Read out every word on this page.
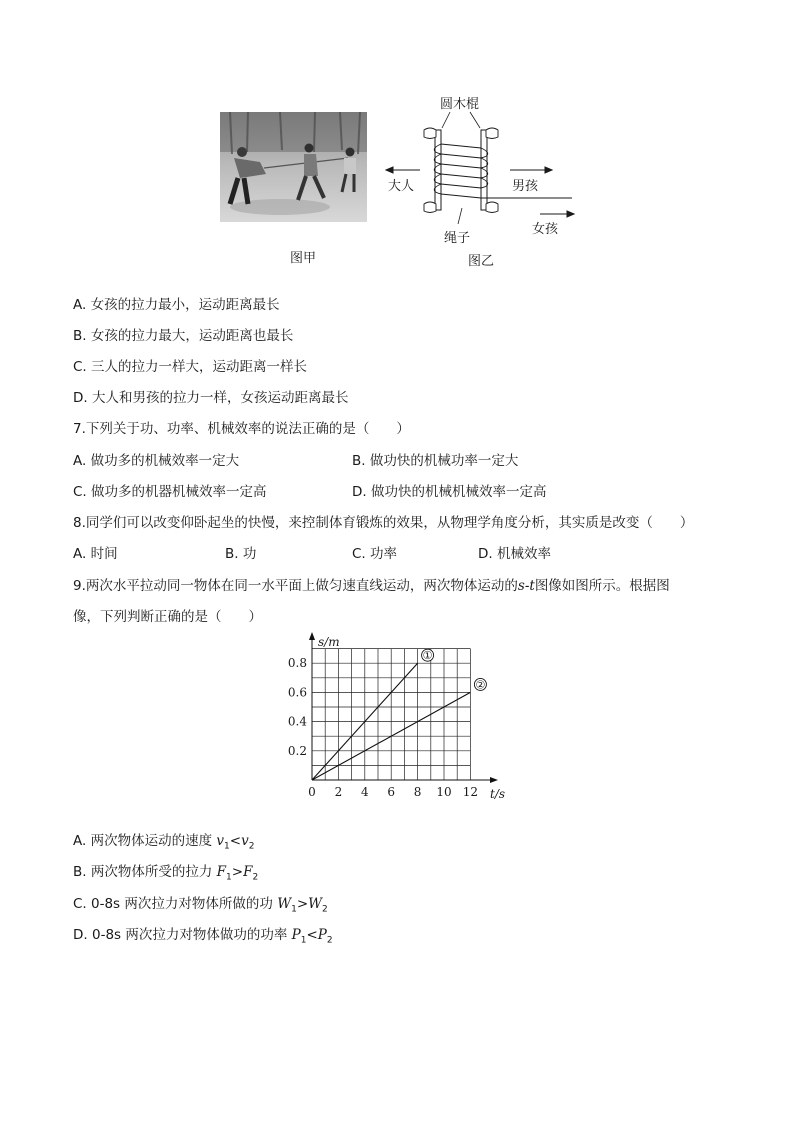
图甲
圆木棍
大人	男孩
女孩
绳子
图乙
A. 女孩的拉力最小，运动距离最长
B. 女孩的拉力最大，运动距离也最长
C. 三人的拉力一样大，运动距离一样长
D. 大人和男孩的拉力一样，女孩运动距离最长
7.下列关于功、功率、机械效率的说法正确的是（　　）
A. 做功多的机械效率一定大	B. 做功快的机械功率一定大
C. 做功多的机器机械效率一定高	D. 做功快的机械机械效率一定高
8.同学们可以改变仰卧起坐的快慢，来控制体育锻炼的效果，从物理学角度分析，其实质是改变（　　）
A. 时间	B. 功	C. 功率	D. 机械效率
9.两次水平拉动同一物体在同一水平面上做匀速直线运动，两次物体运动的s-t图像如图所示。根据图
像，下列判断正确的是（　　）
0 2 4 6 8 10 12
0.2
0.4
0.6
0.8
s/m
t/s
①
②
A. 两次物体运动的速度 $v_1<v_2$
B. 两次物体所受的拉力 $F_1>F_2$
C. 0-8s 两次拉力对物体所做的功 $W_1>W_2$
D. 0-8s 两次拉力对物体做功的功率 $P_1<P_2$
